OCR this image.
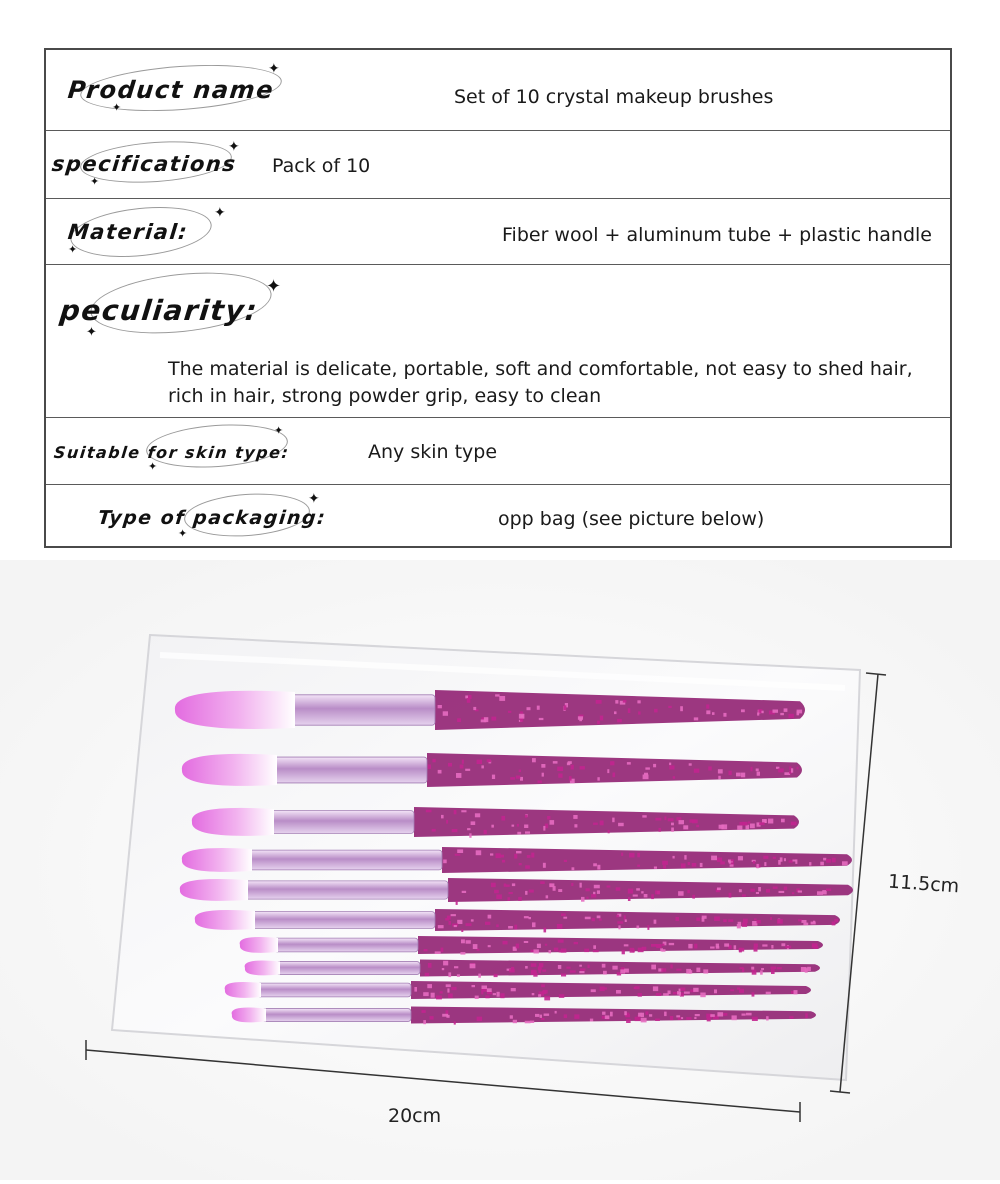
✦
✦
Product name	Set of 10 crystal makeup brushes
✦
✦
specifications Pack of 10
✦
✦
Material:	Fiber wool + aluminum tube + plastic handle
✦
✦
peculiarity:
The material is delicate, portable, soft and comfortable, not easy to shed hair,
rich in hair, strong powder grip, easy to clean
✦
✦
Suitable for skin type:	Any skin type
✦
✦
Type of packaging:	opp bag (see picture below)
11.5cm
20cm
